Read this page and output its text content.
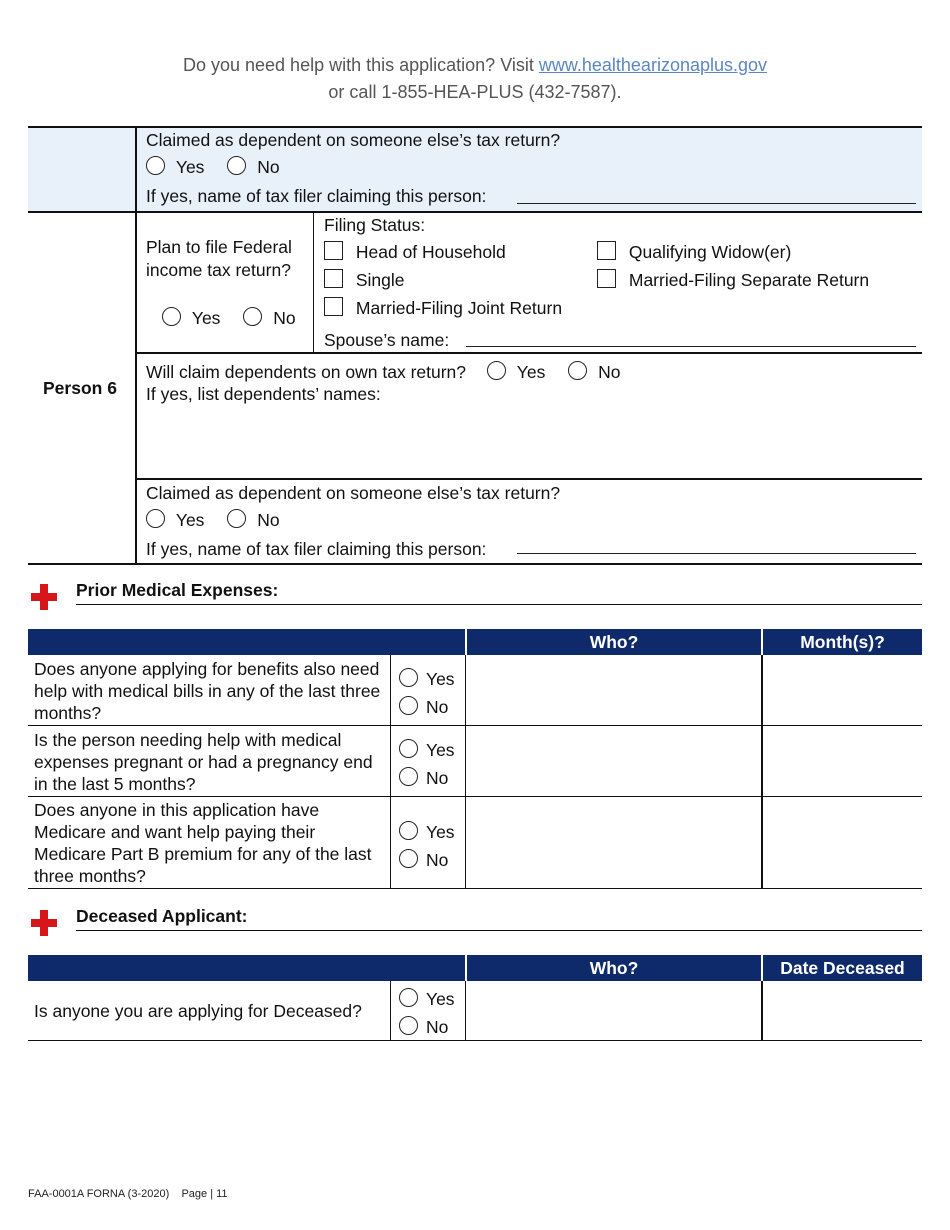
Do you need help with this application? Visit www.healthearizonaplus.gov
or call 1-855-HEA-PLUS (432-7587).
Claimed as dependent on someone else’s tax return?
Yes	No
If yes, name of tax filer claiming this person:
Person 6
Plan to file Federal
income tax return?
Yes	No
Filing Status:
Head of Household
Single
Married-Filing Joint Return
Qualifying Widow(er)
Married-Filing Separate Return
Spouse’s name:
Will claim dependents on own tax return?	Yes	No
If yes, list dependents’ names:
Claimed as dependent on someone else’s tax return?
Yes	No
If yes, name of tax filer claiming this person:
Prior Medical Expenses:
Who?	Month(s)?
Does anyone applying for benefits also need help with medical bills in any of the last three months?
Yes
No
Is the person needing help with medical expenses pregnant or had a pregnancy end in the last 5 months?
Yes
No
Does anyone in this application have Medicare and want help paying their Medicare Part B premium for any of the last three months?
Yes
No
Deceased Applicant:
Who?	Date Deceased
Is anyone you are applying for Deceased?
Yes
No
FAA-0001A FORNA (3-2020)    Page | 11
